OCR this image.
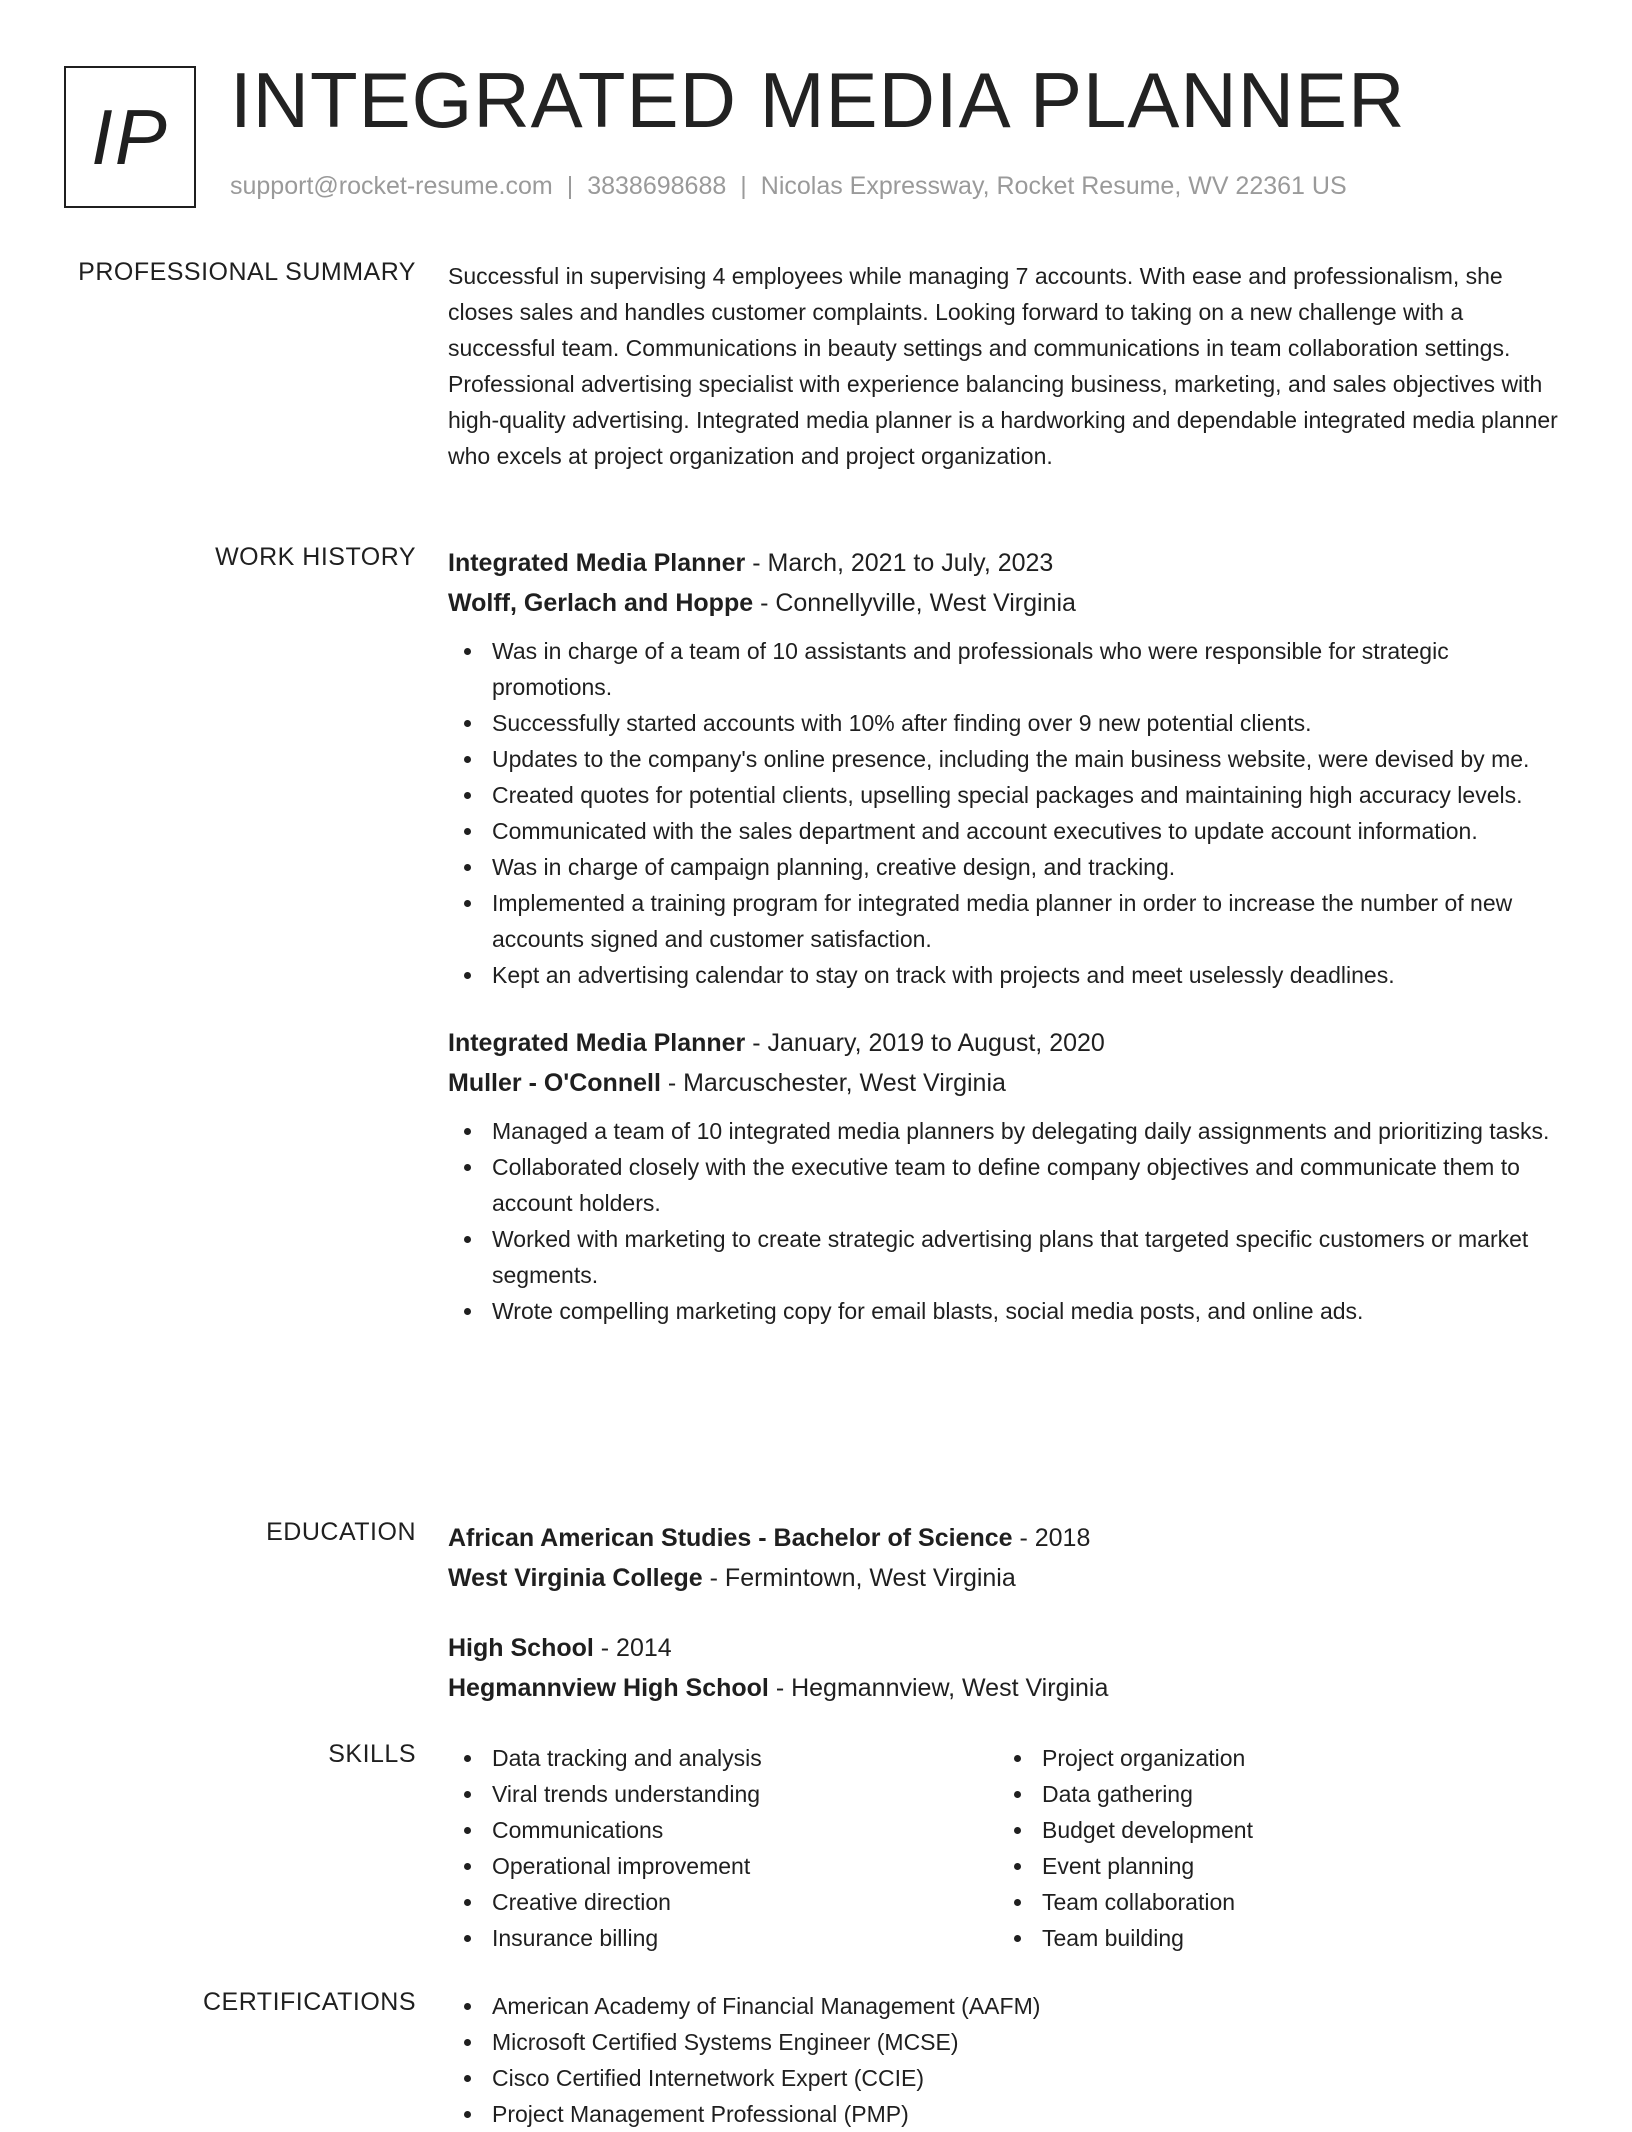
IP INTEGRATED MEDIA PLANNER
support@rocket-resume.com | 3838698688 | Nicolas Expressway, Rocket Resume, WV 22361 US
PROFESSIONAL SUMMARY Successful in supervising 4 employees while managing 7 accounts. With ease and professionalism, she closes sales and handles customer complaints. Looking forward to taking on a new challenge with a successful team. Communications in beauty settings and communications in team collaboration settings. Professional advertising specialist with experience balancing business, marketing, and sales objectives with high-quality advertising. Integrated media planner is a hardworking and dependable integrated media planner who excels at project organization and project organization.

WORK HISTORY Integrated Media Planner - March, 2021 to July, 2023
Wolff, Gerlach and Hoppe - Connellyville, West Virginia
Was in charge of a team of 10 assistants and professionals who were responsible for strategic promotions.
Successfully started accounts with 10% after finding over 9 new potential clients.
Updates to the company's online presence, including the main business website, were devised by me.
Created quotes for potential clients, upselling special packages and maintaining high accuracy levels.
Communicated with the sales department and account executives to update account information.
Was in charge of campaign planning, creative design, and tracking.
Implemented a training program for integrated media planner in order to increase the number of new accounts signed and customer satisfaction.
Kept an advertising calendar to stay on track with projects and meet uselessly deadlines.
Integrated Media Planner - January, 2019 to August, 2020
Muller - O'Connell - Marcuschester, West Virginia
Managed a team of 10 integrated media planners by delegating daily assignments and prioritizing tasks.
Collaborated closely with the executive team to define company objectives and communicate them to account holders.
Worked with marketing to create strategic advertising plans that targeted specific customers or market segments.
Wrote compelling marketing copy for email blasts, social media posts, and online ads.
EDUCATION African American Studies - Bachelor of Science - 2018
West Virginia College - Fermintown, West Virginia
High School - 2014
Hegmannview High School - Hegmannview, West Virginia
SKILLS	Data tracking and analysis
Viral trends understanding
Communications
Operational improvement
Creative direction
Insurance billing
Project organization
Data gathering
Budget development
Event planning
Team collaboration
Team building
CERTIFICATIONS	American Academy of Financial Management (AAFM)
Microsoft Certified Systems Engineer (MCSE)
Cisco Certified Internetwork Expert (CCIE)
Project Management Professional (PMP)
